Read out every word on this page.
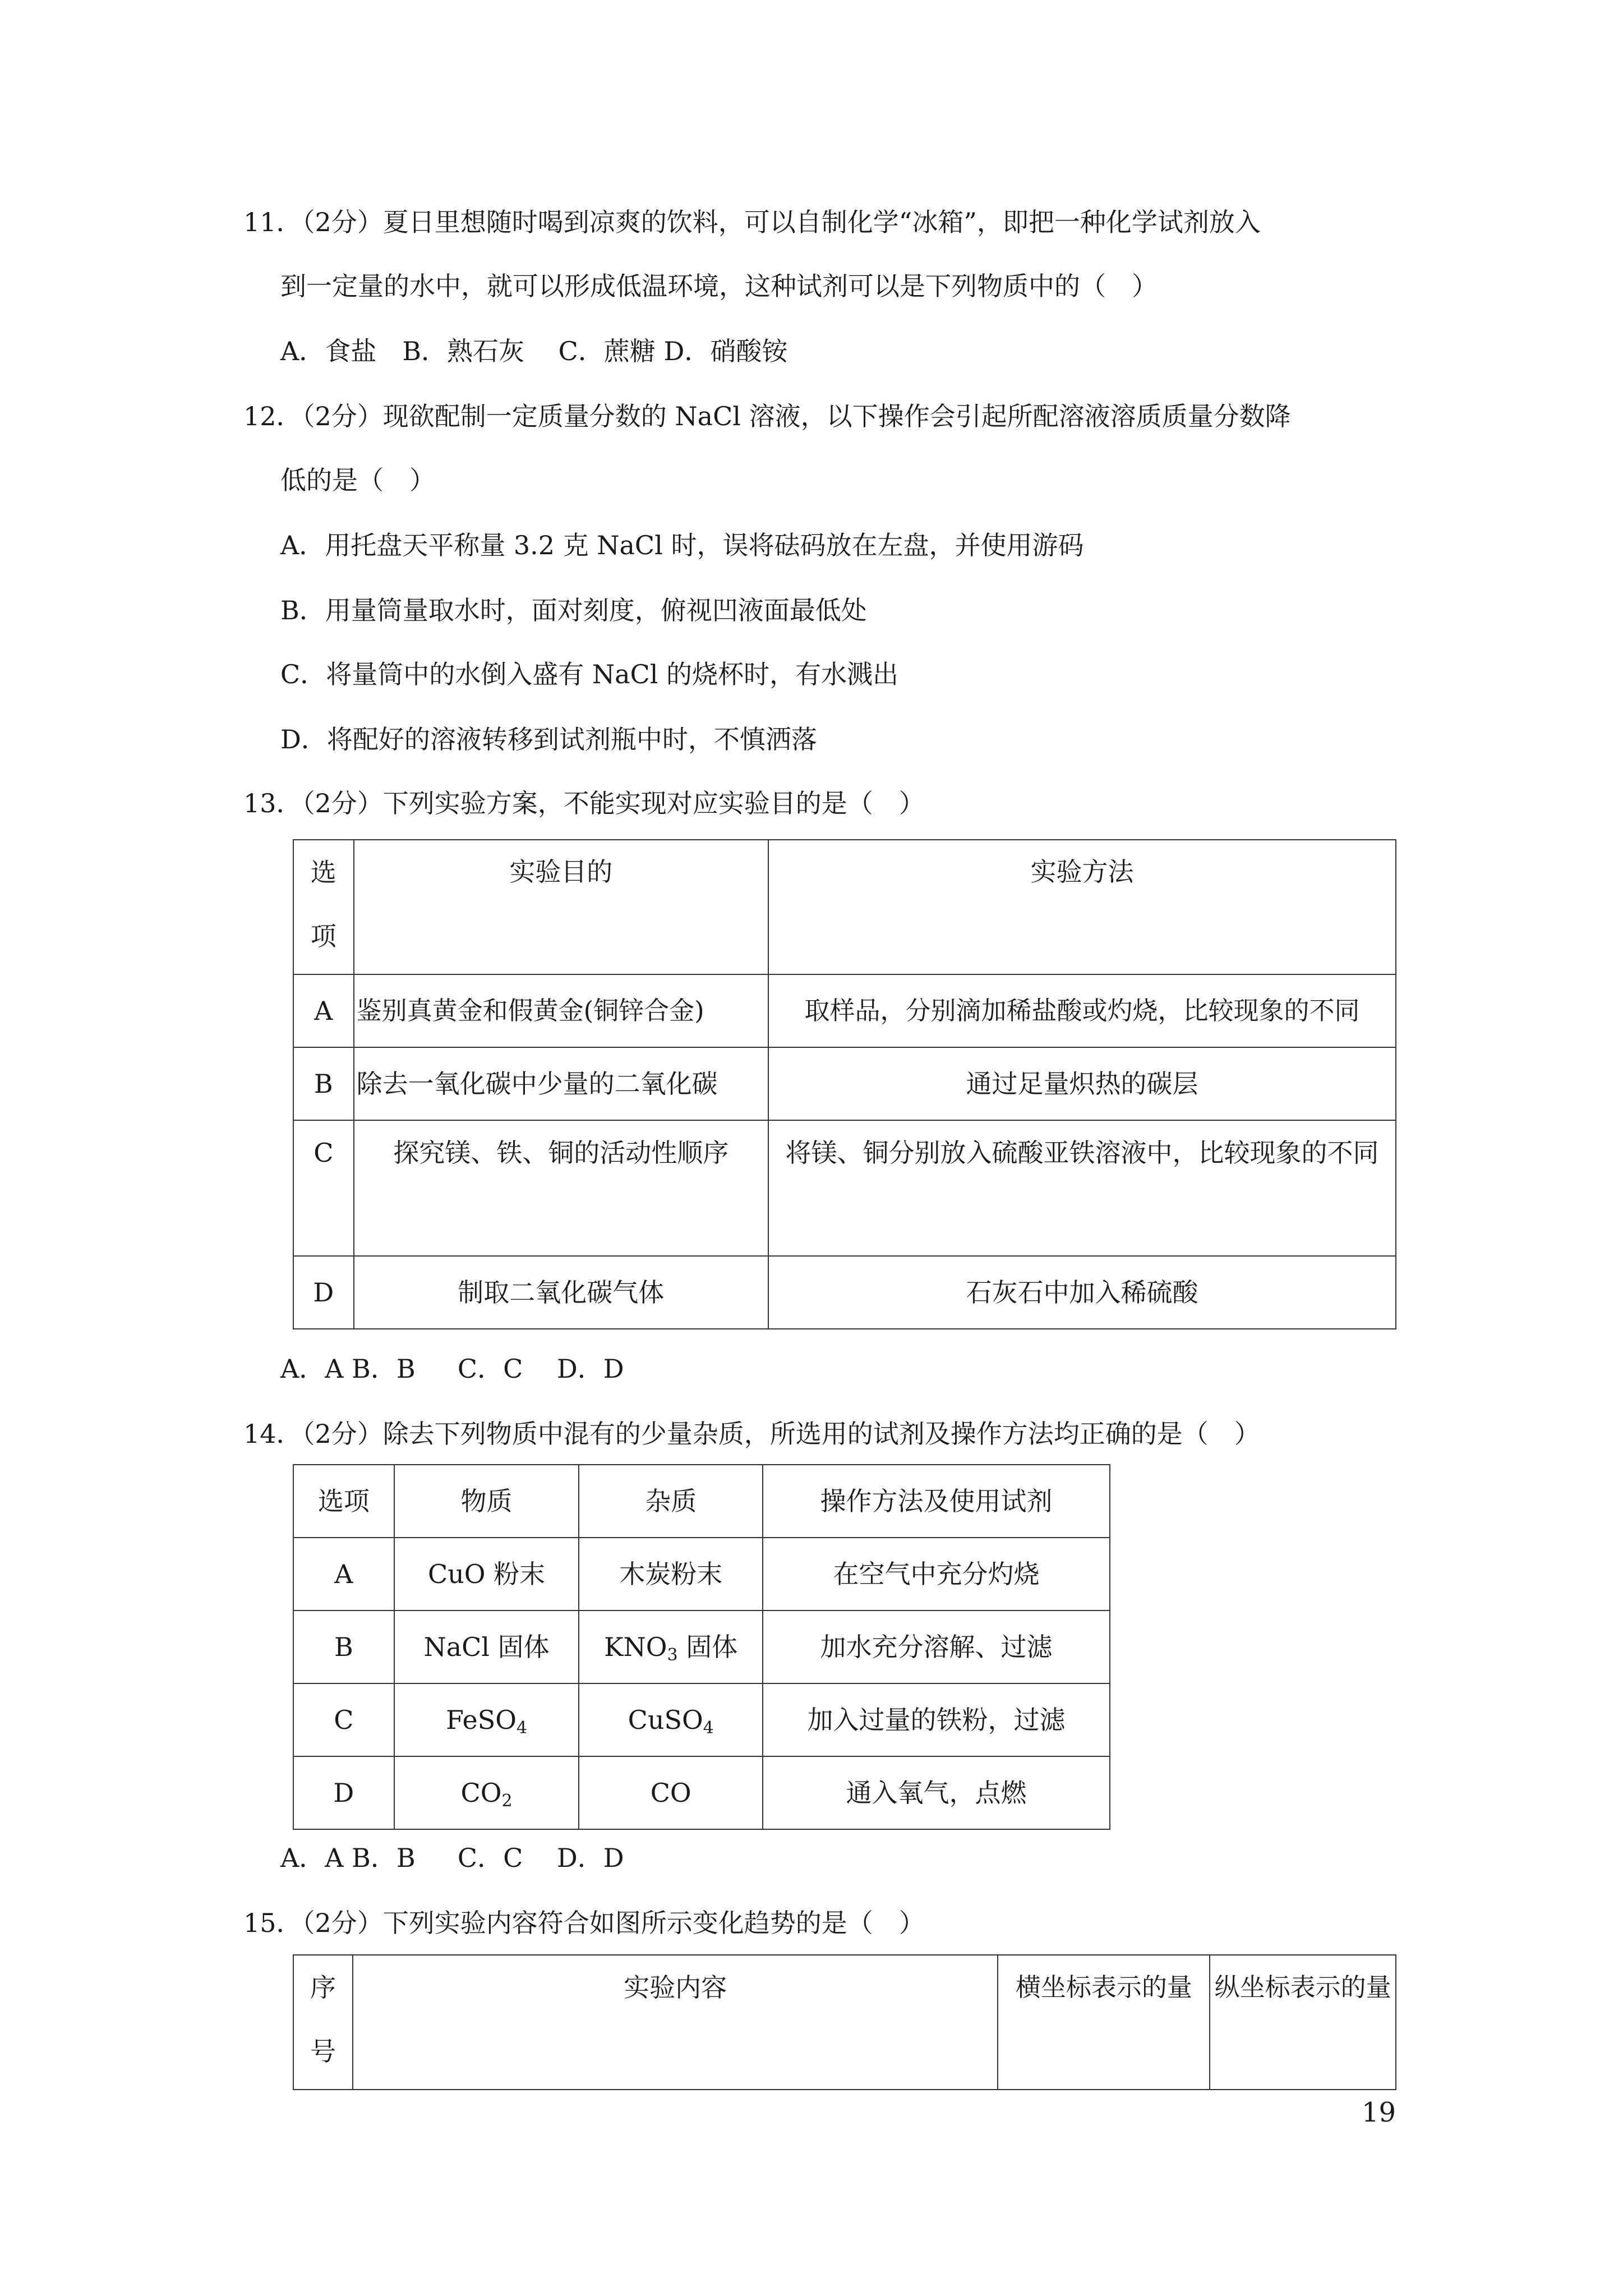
11．（2分）夏日里想随时喝到凉爽的饮料，可以自制化学“冰箱”，即把一种化学试剂放入
到一定量的水中，就可以形成低温环境，这种试剂可以是下列物质中的（　）
A．食盐　B．熟石灰　 C．蔗糖 D．硝酸铵
12．（2分）现欲配制一定质量分数的 NaCl 溶液，以下操作会引起所配溶液溶质质量分数降
低的是（　）
A．用托盘天平称量 3.2 克 NaCl 时，误将砝码放在左盘，并使用游码
B．用量筒量取水时，面对刻度，俯视凹液面最低处
C．将量筒中的水倒入盛有 NaCl 的烧杯时，有水溅出
D．将配好的溶液转移到试剂瓶中时，不慎洒落
13．（2分）下列实验方案，不能实现对应实验目的是（　）
选项	实验目的	实验方法
A	鉴别真黄金和假黄金(铜锌合金)	取样品，分别滴加稀盐酸或灼烧，比较现象的不同
B	除去一氧化碳中少量的二氧化碳	通过足量炽热的碳层
C	探究镁、铁、铜的活动性顺序	将镁、铜分别放入硫酸亚铁溶液中，比较现象的不同
D	制取二氧化碳气体	石灰石中加入稀硫酸
A．A B．B 　 C．C　 D．D
14．（2分）除去下列物质中混有的少量杂质，所选用的试剂及操作方法均正确的是（　）
选项	物质	杂质	操作方法及使用试剂
A	CuO 粉末	木炭粉末	在空气中充分灼烧
B	NaCl 固体	$KNO_3$ 固体	加水充分溶解、过滤
C	FeSO$_4$	CuSO$_4$	加入过量的铁粉，过滤
D	$CO_2$	CO	通入氧气，点燃
A．A B．B 　 C．C　 D．D
15．（2分）下列实验内容符合如图所示变化趋势的是（　）
序号	实验内容	横坐标表示的量	纵坐标表示的量
19
